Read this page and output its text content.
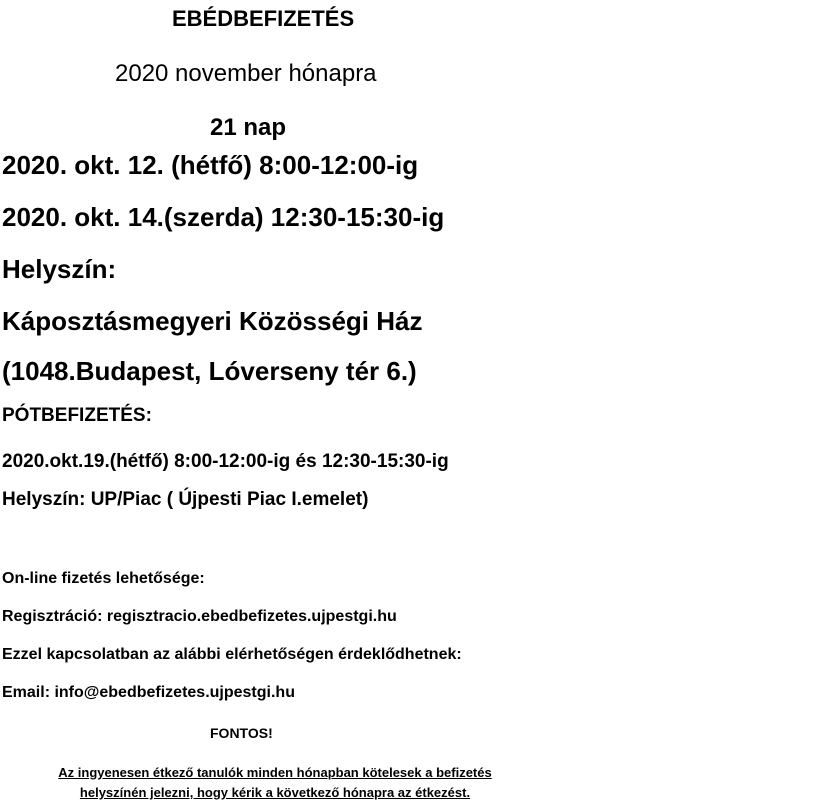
EBÉDBEFIZETÉS
2020 november hónapra
21 nap
2020. okt. 12. (hétfő) 8:00-12:00-ig
2020. okt. 14.(szerda) 12:30-15:30-ig
Helyszín:
Káposztásmegyeri Közösségi Ház
(1048.Budapest, Lóverseny tér 6.)
PÓTBEFIZETÉS:
2020.okt.19.(hétfő) 8:00-12:00-ig és 12:30-15:30-ig
Helyszín: UP/Piac ( Újpesti Piac I.emelet)
On-line fizetés lehetősége:
Regisztráció: regisztracio.ebedbefizetes.ujpestgi.hu
Ezzel kapcsolatban az alábbi elérhetőségen érdeklődhetnek:
Email: info@ebedbefizetes.ujpestgi.hu
FONTOS!
Az ingyenesen étkező tanulók minden hónapban kötelesek a befizetés
helyszínén jelezni, hogy kérik a következő hónapra az étkezést.
